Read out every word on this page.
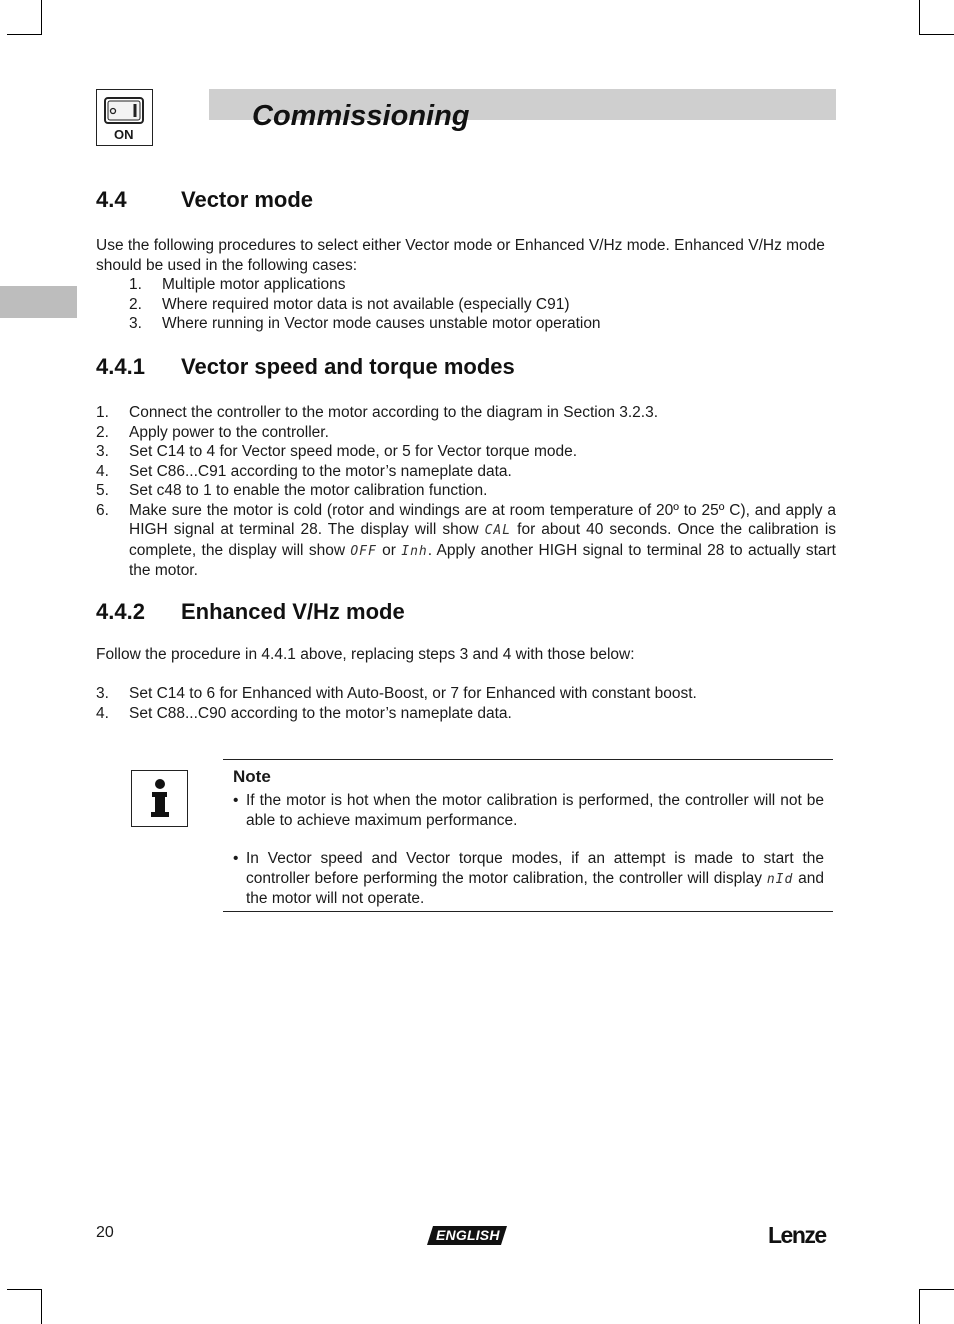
ON
Commissioning
4.4 Vector mode
Use the following procedures to select either Vector mode or Enhanced V/Hz mode. Enhanced V/Hz mode should be used in the following cases:
1. Multiple motor applications
2. Where required motor data is not available (especially C91)
3. Where running in Vector mode causes unstable motor operation
4.4.1 Vector speed and torque modes
1. Connect the controller to the motor according to the diagram in Section 3.2.3.
2. Apply power to the controller.
3. Set C14 to 4 for Vector speed mode, or 5 for Vector torque mode.
4. Set C86...C91 according to the motor’s nameplate data.
5. Set c48 to 1 to enable the motor calibration function.
6. Make sure the motor is cold (rotor and windings are at room temperature of 20º to 25º C), and apply a HIGH signal at terminal 28. The display will show CAL for about 40 seconds. Once the calibration is complete, the display will show OFF or Inh. Apply another HIGH signal to terminal 28 to actually start the motor.
4.4.2 Enhanced V/Hz mode
Follow the procedure in 4.4.1 above, replacing steps 3 and 4 with those below:
3. Set C14 to 6 for Enhanced with Auto-Boost, or 7 for Enhanced with constant boost.
4. Set C88...C90 according to the motor’s nameplate data.
Note
• If the motor is hot when the motor calibration is performed, the controller will not be able to achieve maximum performance.
• In Vector speed and Vector torque modes, if an attempt is made to start the controller before performing the motor calibration, the controller will display nId and the motor will not operate.
20	ENGLISH	Lenze
